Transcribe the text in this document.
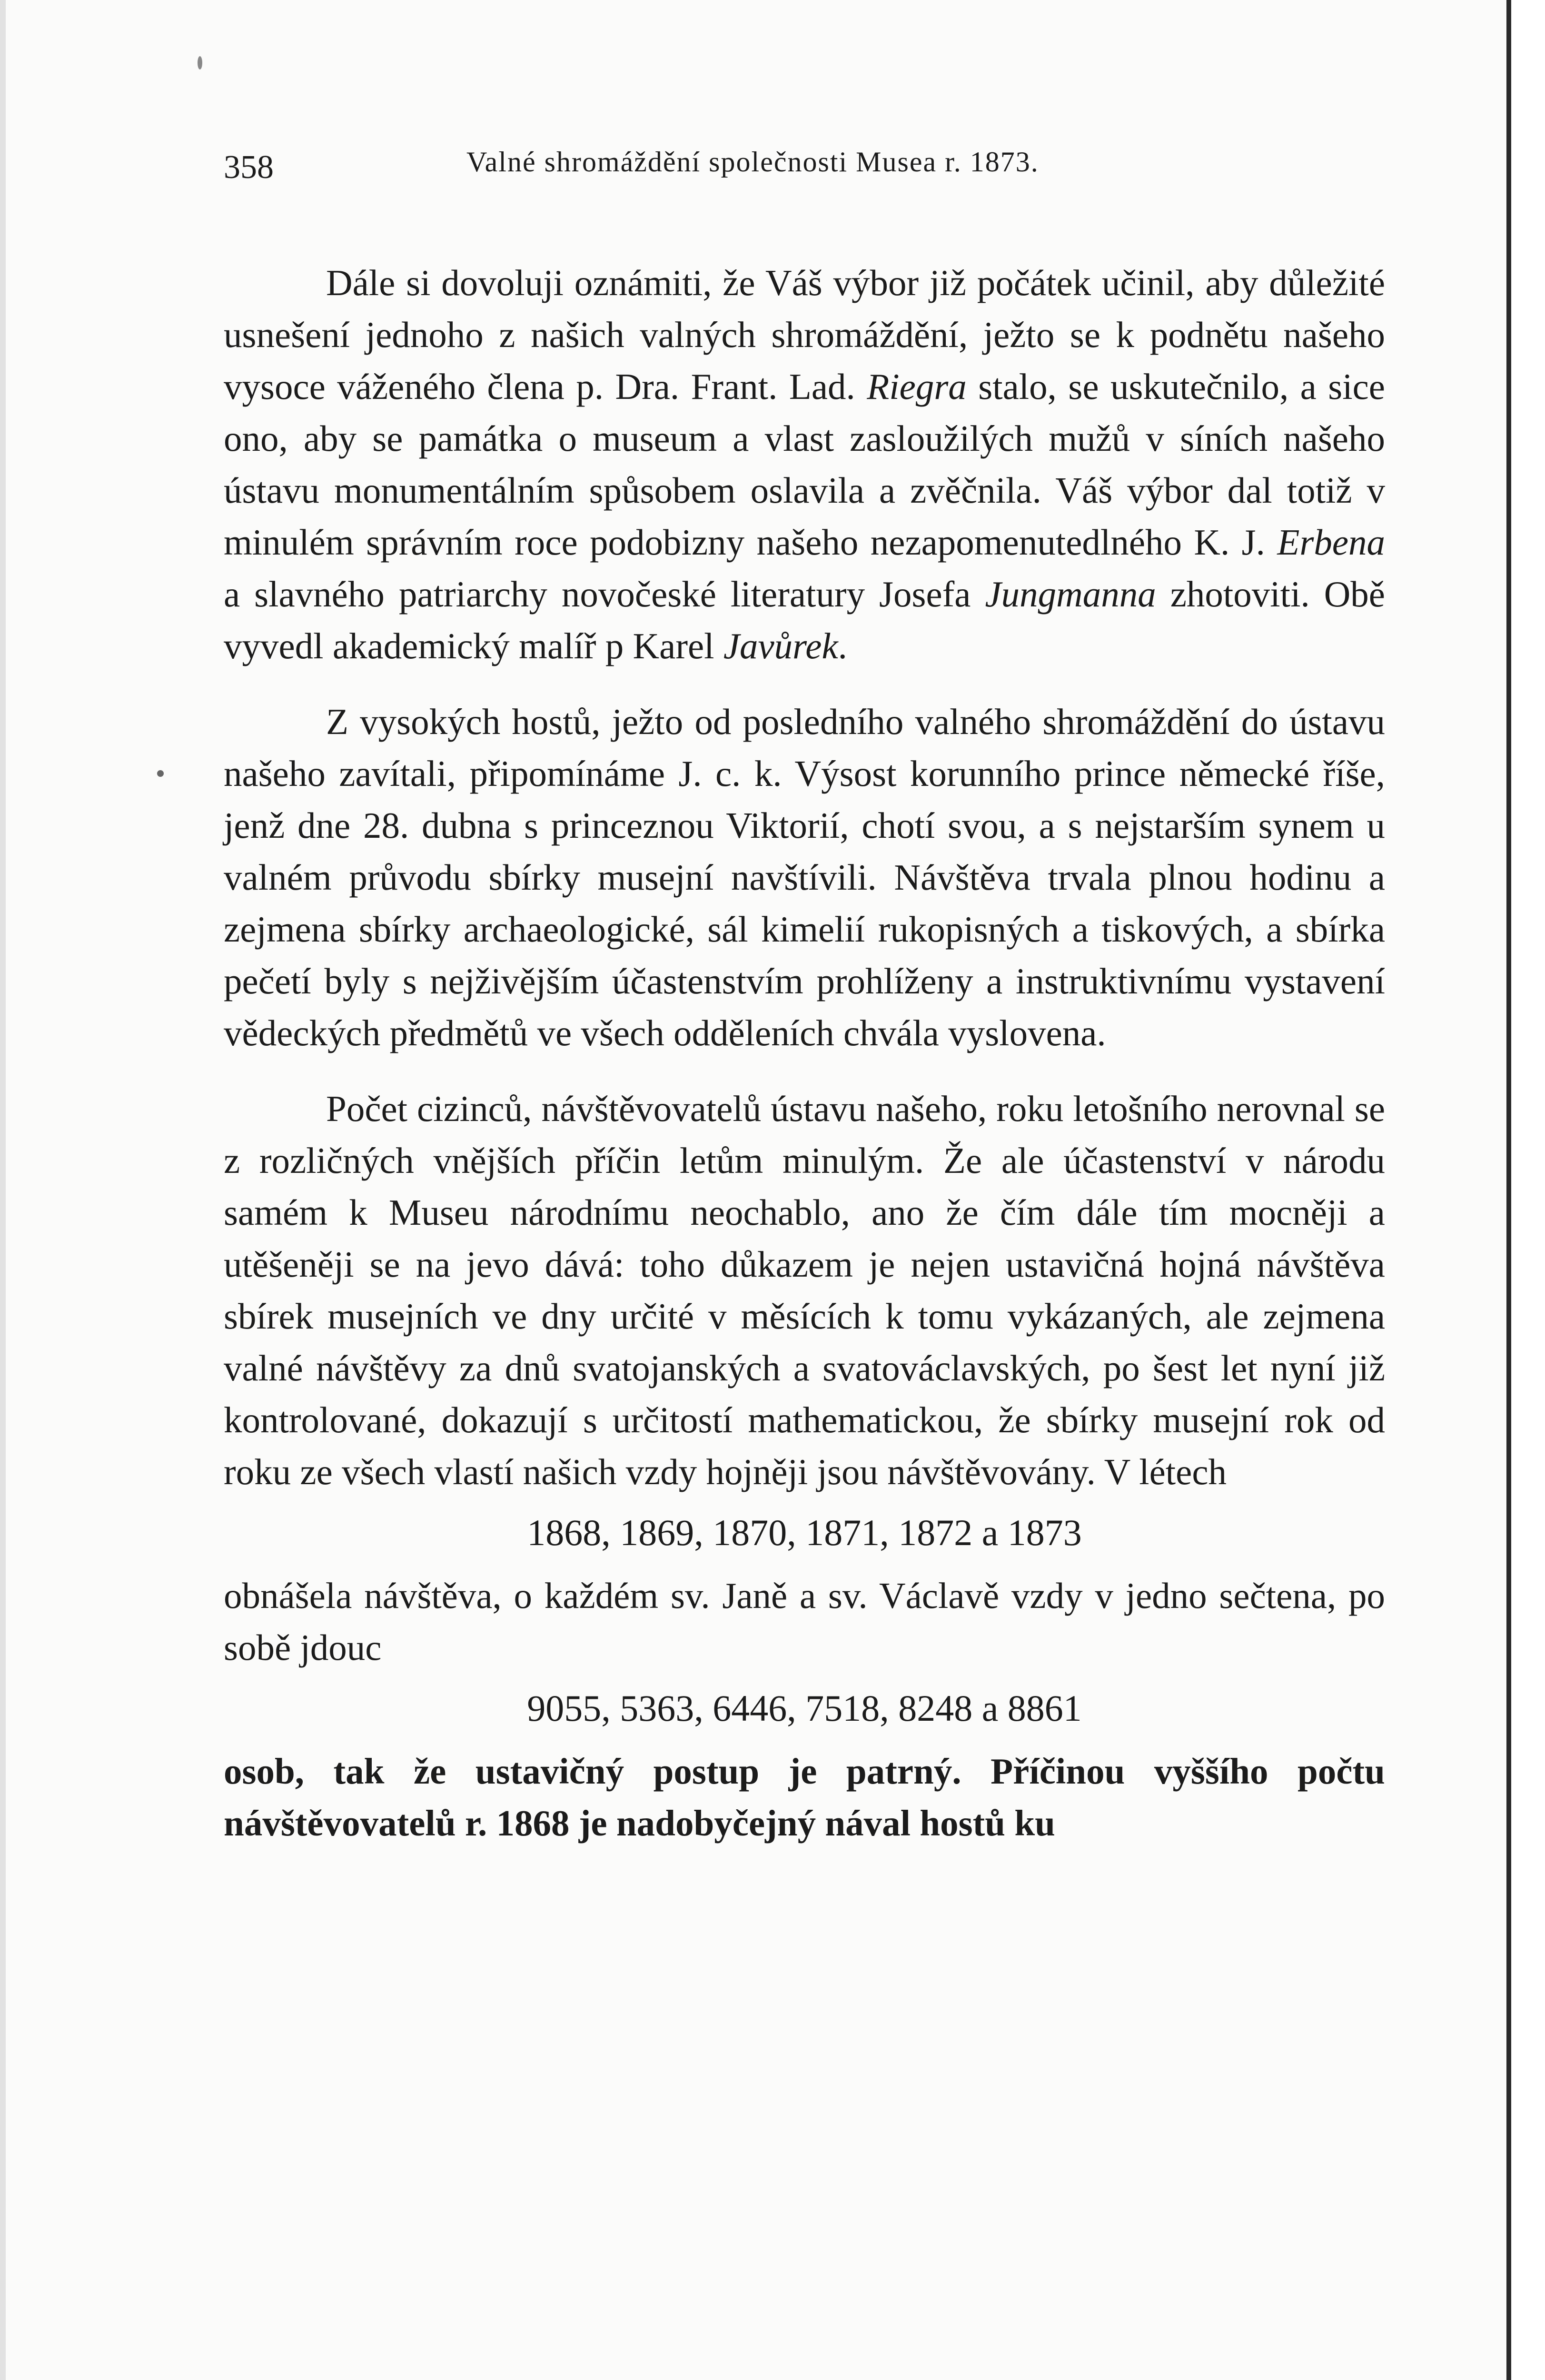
358	Valné shromáždění společnosti Musea r. 1873.

Dále si dovoluji oznámiti, že Váš výbor již počátek učinil, aby důležité usnešení jednoho z našich valných shromáždění, ježto se k podnětu našeho vysoce váženého člena p. Dra. Frant. Lad. Riegra stalo, se uskutečnilo, a sice ono, aby se památka o museum a vlast zasloužilých mužů v síních našeho ústavu monumentálním spůsobem oslavila a zvěčnila. Váš výbor dal totiž v minulém správním roce podobizny našeho nezapomenutedlného K. J. Erbena a slavného patriarchy novočeské literatury Josefa Jungmanna zhotoviti. Obě vyvedl akademický malíř p Karel Javůrek.

Z vysokých hostů, ježto od posledního valného shromáždění do ústavu našeho zavítali, připomínáme J. c. k. Výsost korunního prince německé říše, jenž dne 28. dubna s princeznou Viktorií, chotí svou, a s nejstarším synem u valném průvodu sbírky musejní navštívili. Návštěva trvala plnou hodinu a zejmena sbírky archaeologické, sál kimelií rukopisných a tiskových, a sbírka pečetí byly s nejživějším účastenstvím prohlíženy a instruktivnímu vystavení vědeckých předmětů ve všech odděleních chvála vyslovena.

Počet cizinců, návštěvovatelů ústavu našeho, roku letošního nerovnal se z rozličných vnějších příčin letům minulým. Že ale účastenství v národu samém k Museu národnímu neochablo, ano že čím dále tím mocněji a utěšeněji se na jevo dává: toho důkazem je nejen ustavičná hojná návštěva sbírek musejních ve dny určité v měsících k tomu vykázaných, ale zejmena valné návštěvy za dnů svatojanských a svatováclavských, po šest let nyní již kontrolované, dokazují s určitostí mathematickou, že sbírky musejní rok od roku ze všech vlastí našich vzdy hojněji jsou návštěvovány. V létech

1868, 1869, 1870, 1871, 1872 a 1873

obnášela návštěva, o každém sv. Janě a sv. Václavě vzdy v jedno sečtena, po sobě jdouc

9055, 5363, 6446, 7518, 8248 a 8861

osob, tak že ustavičný postup je patrný. Příčinou vyššího počtu návštěvovatelů r. 1868 je nadobyčejný nával hostů ku
